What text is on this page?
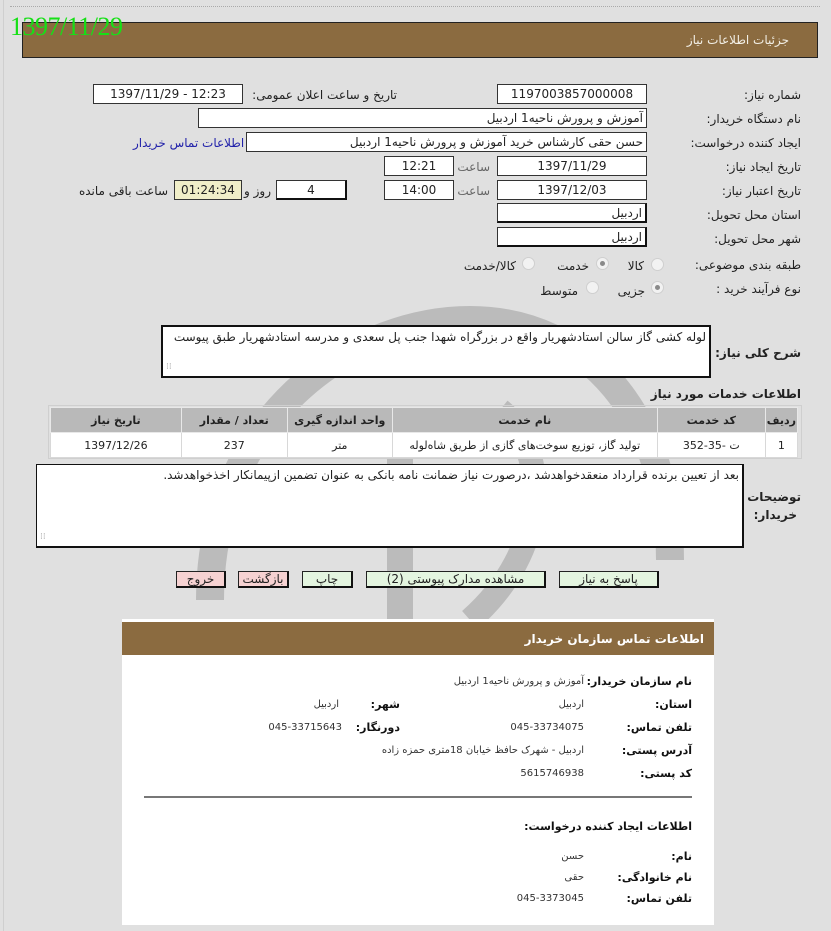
1397/11/29	جزئیات اطلاعات نیاز
شماره نیاز:
1197003857000008
تاریخ و ساعت اعلان عمومی:
1397/11/29 - 12:23
نام دستگاه خریدار:
آموزش و پرورش ناحیه1 اردبیل
ایجاد کننده درخواست:
حسن حقی کارشناس خرید آموزش و پرورش ناحیه1 اردبیل
اطلاعات تماس خریدار
تاریخ ایجاد نیاز:
1397/11/29
ساعت
12:21
تاریخ اعتبار نیاز:
1397/12/03
ساعت
14:00
4
روز و
01:24:34
ساعت باقی مانده
استان محل تحویل:
اردبیل
شهر محل تحویل:
اردبیل
طبقه بندی موضوعی:
کالا
خدمت
کالا/خدمت
نوع فرآیند خرید :
جزیی
متوسط
شرح کلی نیاز:
لوله کشی گاز سالن استادشهریار واقع در بزرگراه شهدا جنب پل سعدی و مدرسه استادشهریار طبق پیوست
⁞⁞
اطلاعات خدمات مورد نیاز
ردیف	کد خدمت	نام خدمت	واحد اندازه گیری	تعداد / مقدار	تاریخ نیاز
1	ت -35-352	تولید گاز، توزیع سوخت‌های گازی از طریق شاه‌لوله	متر	237	1397/12/26
توضیحات
خریدار:
بعد از تعیین برنده قرارداد منعقدخواهدشد ،درصورت نیاز ضمانت نامه بانکی به عنوان تضمین ازپیمانکار اخذخواهدشد.
⁞⁞
پاسخ به نیاز
مشاهده مدارک پیوستی (2)
چاپ
بازگشت
خروج
اطلاعات تماس سازمان خریدار
نام سازمان خریدار:
آموزش و پرورش ناحیه1 اردبیل
استان:
اردبیل
شهر:
اردبیل
تلفن تماس:
045-33734075
دورنگار:
045-33715643
آدرس پستی:
اردبیل - شهرک حافظ خیابان 18متری حمزه زاده
کد پستی:
5615746938
اطلاعات ایجاد کننده درخواست:
نام:
حسن
نام خانوادگی:
حقی
تلفن تماس:
045-3373045
